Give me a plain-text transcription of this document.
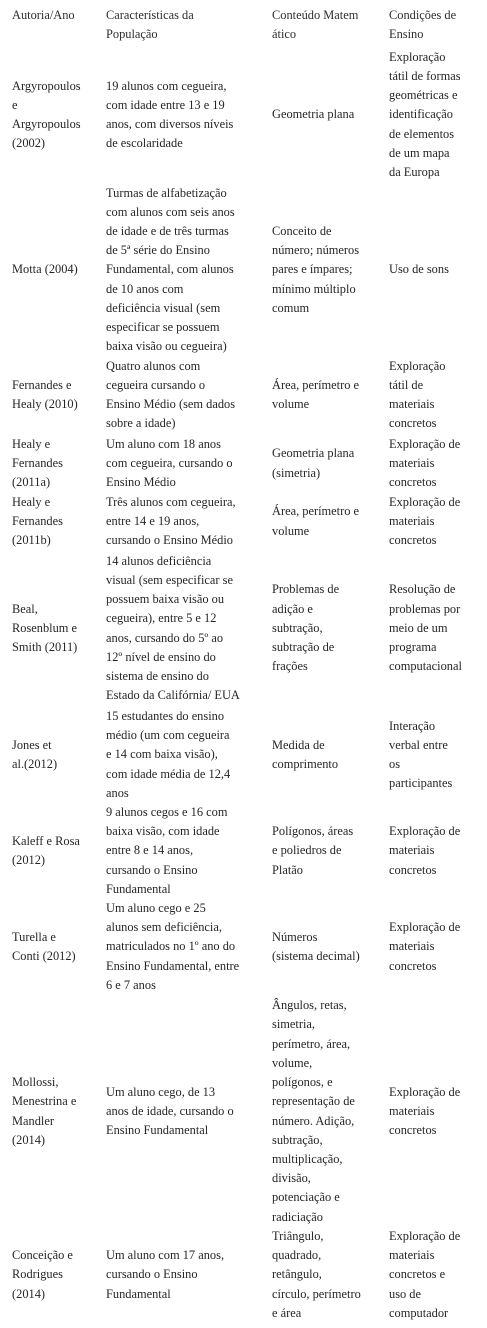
Autoria/Ano	Características da
População
Conteúdo Matem
ático
Condições de
Ensino
Argyropoulos
e
Argyropoulos
(2002)
19 alunos com cegueira,
com idade entre 13 e 19
anos, com diversos níveis
de escolaridade
Geometria plana
Exploração
tátil de formas
geométricas e
identificação
de elementos
de um mapa
da Europa
Motta (2004)
Turmas de alfabetização
com alunos com seis anos
de idade e de três turmas
de 5ª série do Ensino
Fundamental, com alunos
de 10 anos com
deficiência visual (sem
especificar se possuem
baixa visão ou cegueira)
Conceito de
número; números
pares e ímpares;
mínimo múltiplo
comum
Uso de sons
Fernandes e
Healy (2010)
Quatro alunos com
cegueira cursando o
Ensino Médio (sem dados
sobre a idade)
Área, perímetro e
volume
Exploração
tátil de
materiais
concretos
Healy e
Fernandes
(2011a)
Um aluno com 18 anos
com cegueira, cursando o
Ensino Médio
Geometria plana
(simetria)
Exploração de
materiais
concretos
Healy e
Fernandes
(2011b)
Três alunos com cegueira,
entre 14 e 19 anos,
cursando o Ensino Médio
Área, perímetro e
volume
Exploração de
materiais
concretos
Beal,
Rosenblum e
Smith (2011)
14 alunos deficiência
visual (sem especificar se
possuem baixa visão ou
cegueira), entre 5 e 12
anos, cursando do 5º ao
12º nível de ensino do
sistema de ensino do
Estado da Califórnia/ EUA
Problemas de
adição e
subtração,
subtração de
frações
Resolução de
problemas por
meio de um
programa
computacional
Jones et
al.(2012)
15 estudantes do ensino
médio (um com cegueira
e 14 com baixa visão),
com idade média de 12,4
anos
Medida de
comprimento
Interação
verbal entre
os
participantes
Kaleff e Rosa
(2012)
9 alunos cegos e 16 com
baixa visão, com idade
entre 8 e 14 anos,
cursando o Ensino
Fundamental
Polígonos, áreas
e poliedros de
Platão
Exploração de
materiais
concretos
Turella e
Conti (2012)
Um aluno cego e 25
alunos sem deficiência,
matriculados no 1º ano do
Ensino Fundamental, entre
6 e 7 anos
Números
(sistema decimal)
Exploração de
materiais
concretos
Mollossi,
Menestrina e
Mandler
(2014)
Um aluno cego, de 13
anos de idade, cursando o
Ensino Fundamental
Ângulos, retas,
simetria,
perímetro, área,
volume,
polígonos, e
representação de
número. Adição,
subtração,
multiplicação,
divisão,
potenciação e
radiciação
Exploração de
materiais
concretos
Conceição e
Rodrigues
(2014)
Um aluno com 17 anos,
cursando o Ensino
Fundamental
Triângulo,
quadrado,
retângulo,
círculo, perímetro
e área
Exploração de
materiais
concretos e
uso de
computador
